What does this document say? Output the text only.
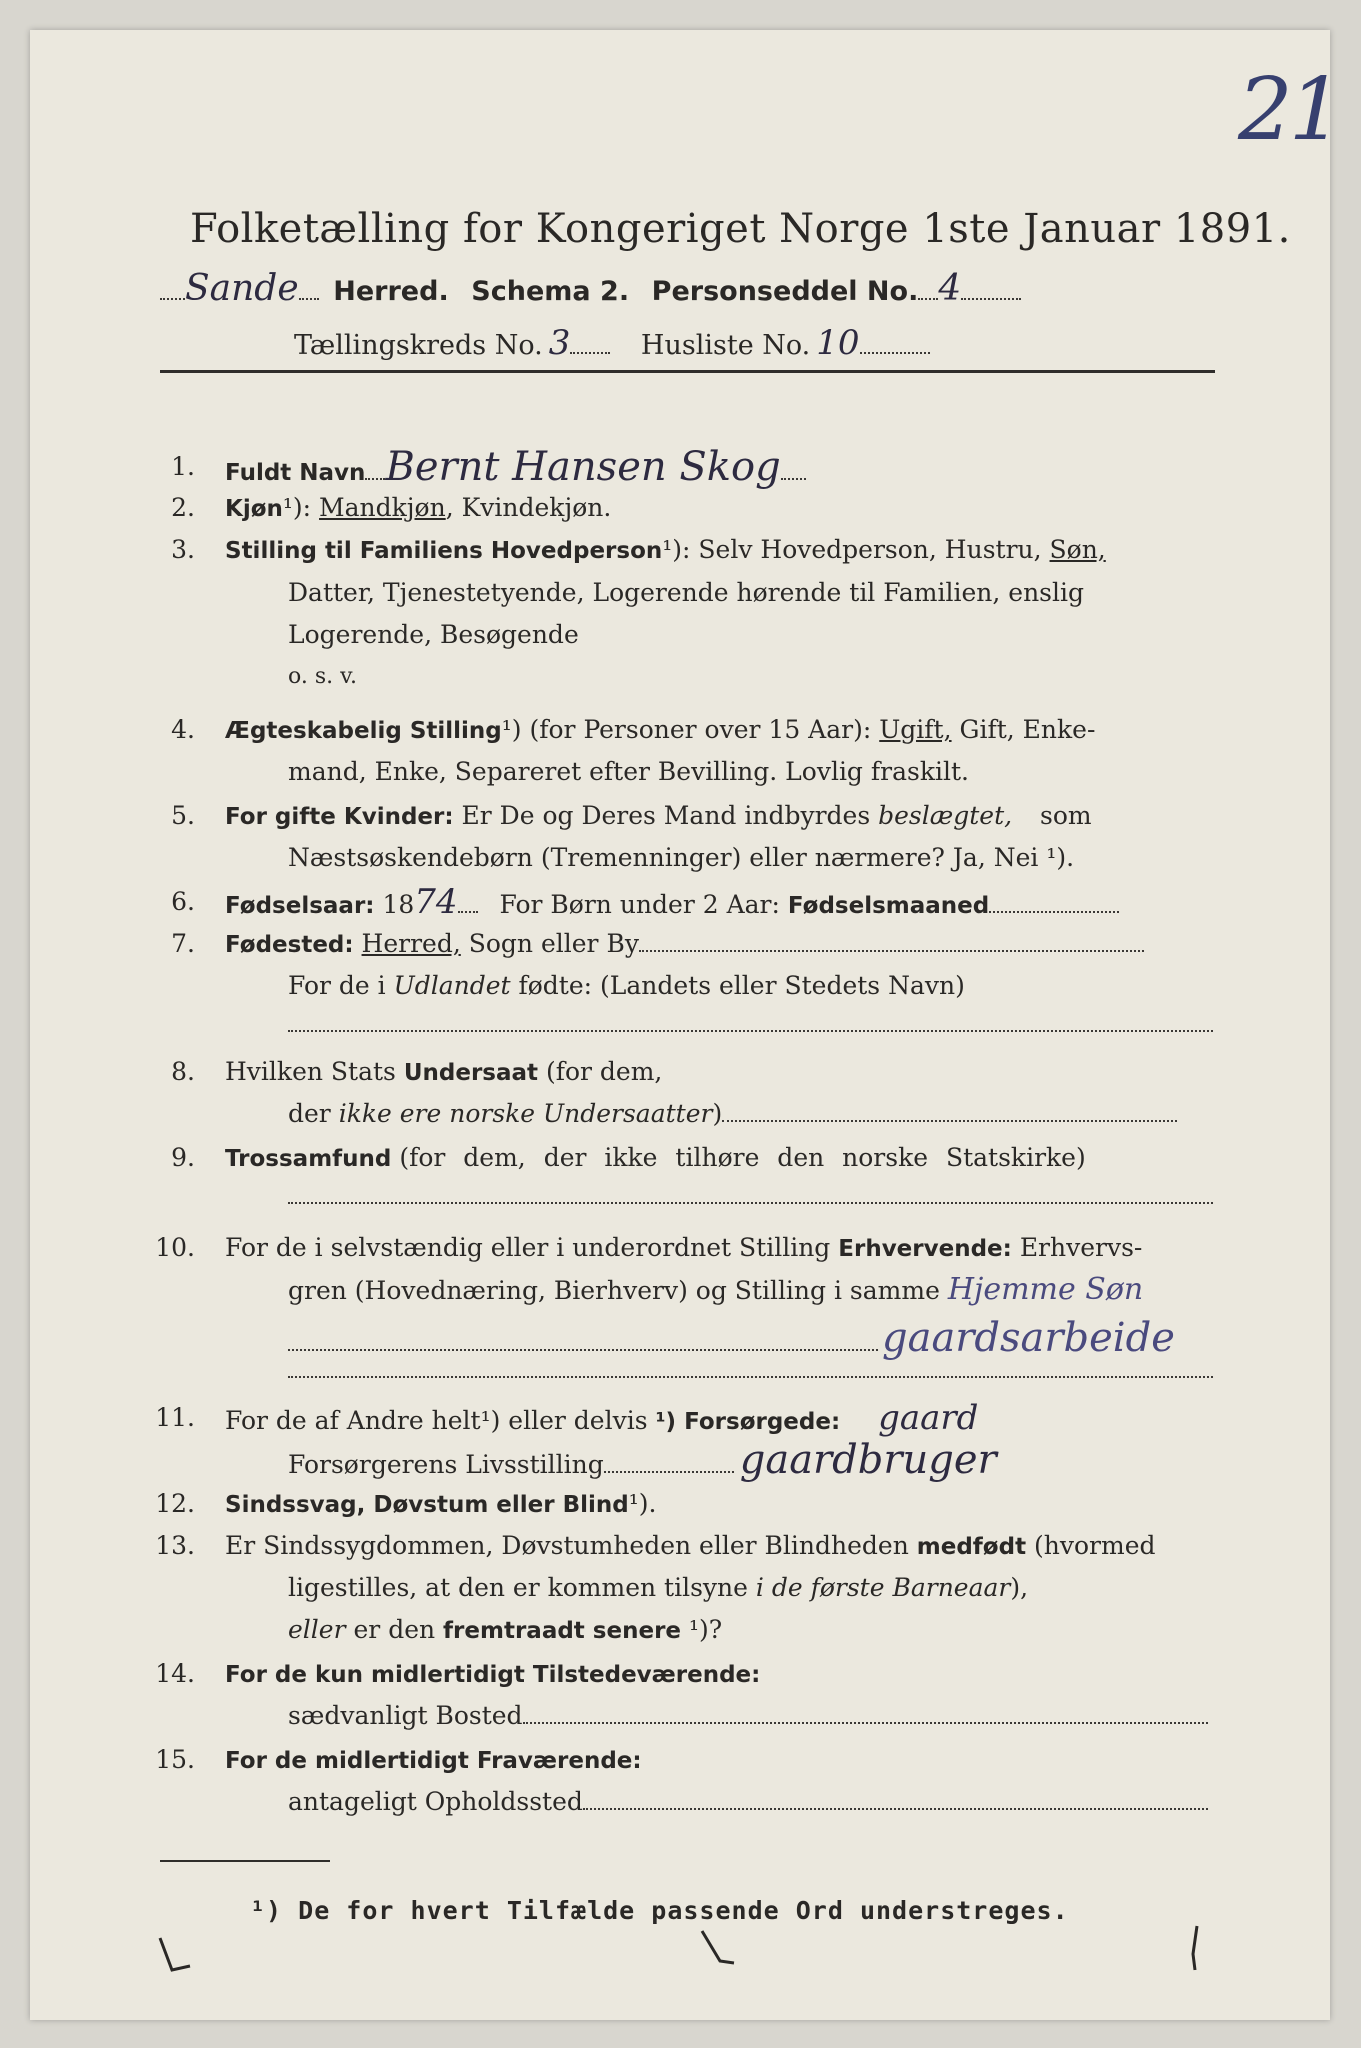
21
Folketælling for Kongeriget Norge 1ste Januar 1891.
Sande Herred. Schema 2. Personseddel No. 4
Tællingskreds No. 3	Husliste No. 10
1. Fuldt Navn Bernt Hansen Skog
2. Kjøn¹): Mandkjøn, Kvindekjøn.
3. Stilling til Familiens Hovedperson¹): Selv Hovedperson, Hustru, Søn,
Datter, Tjenestetyende, Logerende hørende til Familien, enslig
Logerende, Besøgende
o. s. v.
4. Ægteskabelig Stilling¹) (for Personer over 15 Aar): Ugift, Gift, Enke-
mand, Enke, Separeret efter Bevilling. Lovlig fraskilt.
5. For gifte Kvinder: Er De og Deres Mand indbyrdes beslægtet, som
Næstsøskendebørn (Tremenninger) eller nærmere? Ja, Nei ¹).
6. Fødselsaar: 1874 For Børn under 2 Aar: Fødselsmaaned
7. Fødested: Herred, Sogn eller By
For de i Udlandet fødte: (Landets eller Stedets Navn)
8. Hvilken Stats Undersaat (for dem,
der ikke ere norske Undersaatter)
9. Trossamfund (for dem, der ikke tilhøre den norske Statskirke)
10. For de i selvstændig eller i underordnet Stilling Erhvervende: Erhvervs-
gren (Hovednæring, Bierhverv) og Stilling i samme Hjemme Søn
gaardsarbeide
11. For de af Andre helt¹) eller delvis ¹) Forsørgede: gaard
Forsørgerens Livsstilling	gaardbruger
12. Sindssvag, Døvstum eller Blind¹).
13. Er Sindssygdommen, Døvstumheden eller Blindheden medfødt (hvormed
ligestilles, at den er kommen tilsyne i de første Barneaar),
eller er den fremtraadt senere ¹)?
14. For de kun midlertidigt Tilstedeværende:
sædvanligt Bosted
15. For de midlertidigt Fraværende:
antageligt Opholdssted
¹) De for hvert Tilfælde passende Ord understreges.
